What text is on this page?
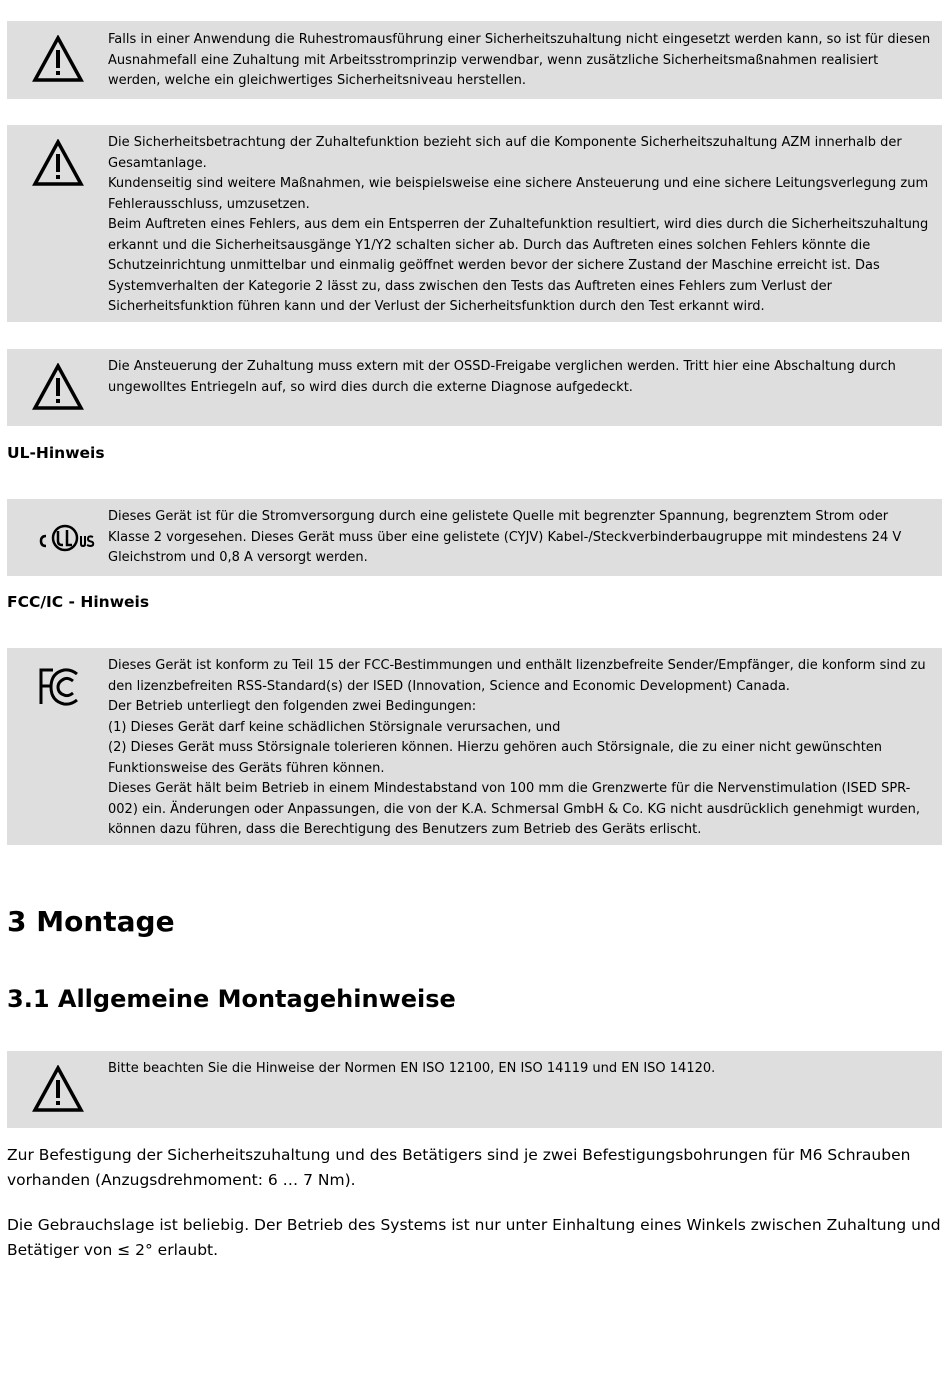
Falls in einer Anwendung die Ruhestromausführung einer Sicherheitszuhaltung nicht eingesetzt werden kann, so ist für diesen Ausnahmefall eine Zuhaltung mit Arbeitsstromprinzip verwendbar, wenn zusätzliche Sicherheitsmaßnahmen realisiert werden, welche ein gleichwertiges Sicherheitsniveau herstellen.
Die Sicherheitsbetrachtung der Zuhaltefunktion bezieht sich auf die Komponente Sicherheitszuhaltung AZM innerhalb der Gesamtanlage.
Kundenseitig sind weitere Maßnahmen, wie beispielsweise eine sichere Ansteuerung und eine sichere Leitungsverlegung zum Fehlerausschluss, umzusetzen.
Beim Auftreten eines Fehlers, aus dem ein Entsperren der Zuhaltefunktion resultiert, wird dies durch die Sicherheitszuhaltung erkannt und die Sicherheitsausgänge Y1/Y2 schalten sicher ab. Durch das Auftreten eines solchen Fehlers könnte die Schutzeinrichtung unmittelbar und einmalig geöffnet werden bevor der sichere Zustand der Maschine erreicht ist. Das Systemverhalten der Kategorie 2 lässt zu, dass zwischen den Tests das Auftreten eines Fehlers zum Verlust der Sicherheitsfunktion führen kann und der Verlust der Sicherheitsfunktion durch den Test erkannt wird.
Die Ansteuerung der Zuhaltung muss extern mit der OSSD-Freigabe verglichen werden. Tritt hier eine Abschaltung durch ungewolltes Entriegeln auf, so wird dies durch die externe Diagnose aufgedeckt.
UL-Hinweis
Dieses Gerät ist für die Stromversorgung durch eine gelistete Quelle mit begrenzter Spannung, begrenztem Strom oder Klasse 2 vorgesehen. Dieses Gerät muss über eine gelistete (CYJV) Kabel-/Steckverbinderbaugruppe mit mindestens 24 V Gleichstrom und 0,8 A versorgt werden.
FCC/IC - Hinweis
Dieses Gerät ist konform zu Teil 15 der FCC-Bestimmungen und enthält lizenzbefreite Sender/Empfänger, die konform sind zu den lizenzbefreiten RSS-Standard(s) der ISED (Innovation, Science and Economic Development) Canada.
Der Betrieb unterliegt den folgenden zwei Bedingungen:
(1) Dieses Gerät darf keine schädlichen Störsignale verursachen, und
(2) Dieses Gerät muss Störsignale tolerieren können. Hierzu gehören auch Störsignale, die zu einer nicht gewünschten Funktionsweise des Geräts führen können.
Dieses Gerät hält beim Betrieb in einem Mindestabstand von 100 mm die Grenzwerte für die Nervenstimulation (ISED SPR-002) ein. Änderungen oder Anpassungen, die von der K.A. Schmersal GmbH & Co. KG nicht ausdrücklich genehmigt wurden, können dazu führen, dass die Berechtigung des Benutzers zum Betrieb des Geräts erlischt.
3 Montage
3.1 Allgemeine Montagehinweise
Bitte beachten Sie die Hinweise der Normen EN ISO 12100, EN ISO 14119 und EN ISO 14120.
Zur Befestigung der Sicherheitszuhaltung und des Betätigers sind je zwei Befestigungsbohrungen für M6 Schrauben vorhanden (Anzugsdrehmoment: 6 … 7 Nm).
Die Gebrauchslage ist beliebig. Der Betrieb des Systems ist nur unter Einhaltung eines Winkels zwischen Zuhaltung und Betätiger von ≤ 2° erlaubt.
